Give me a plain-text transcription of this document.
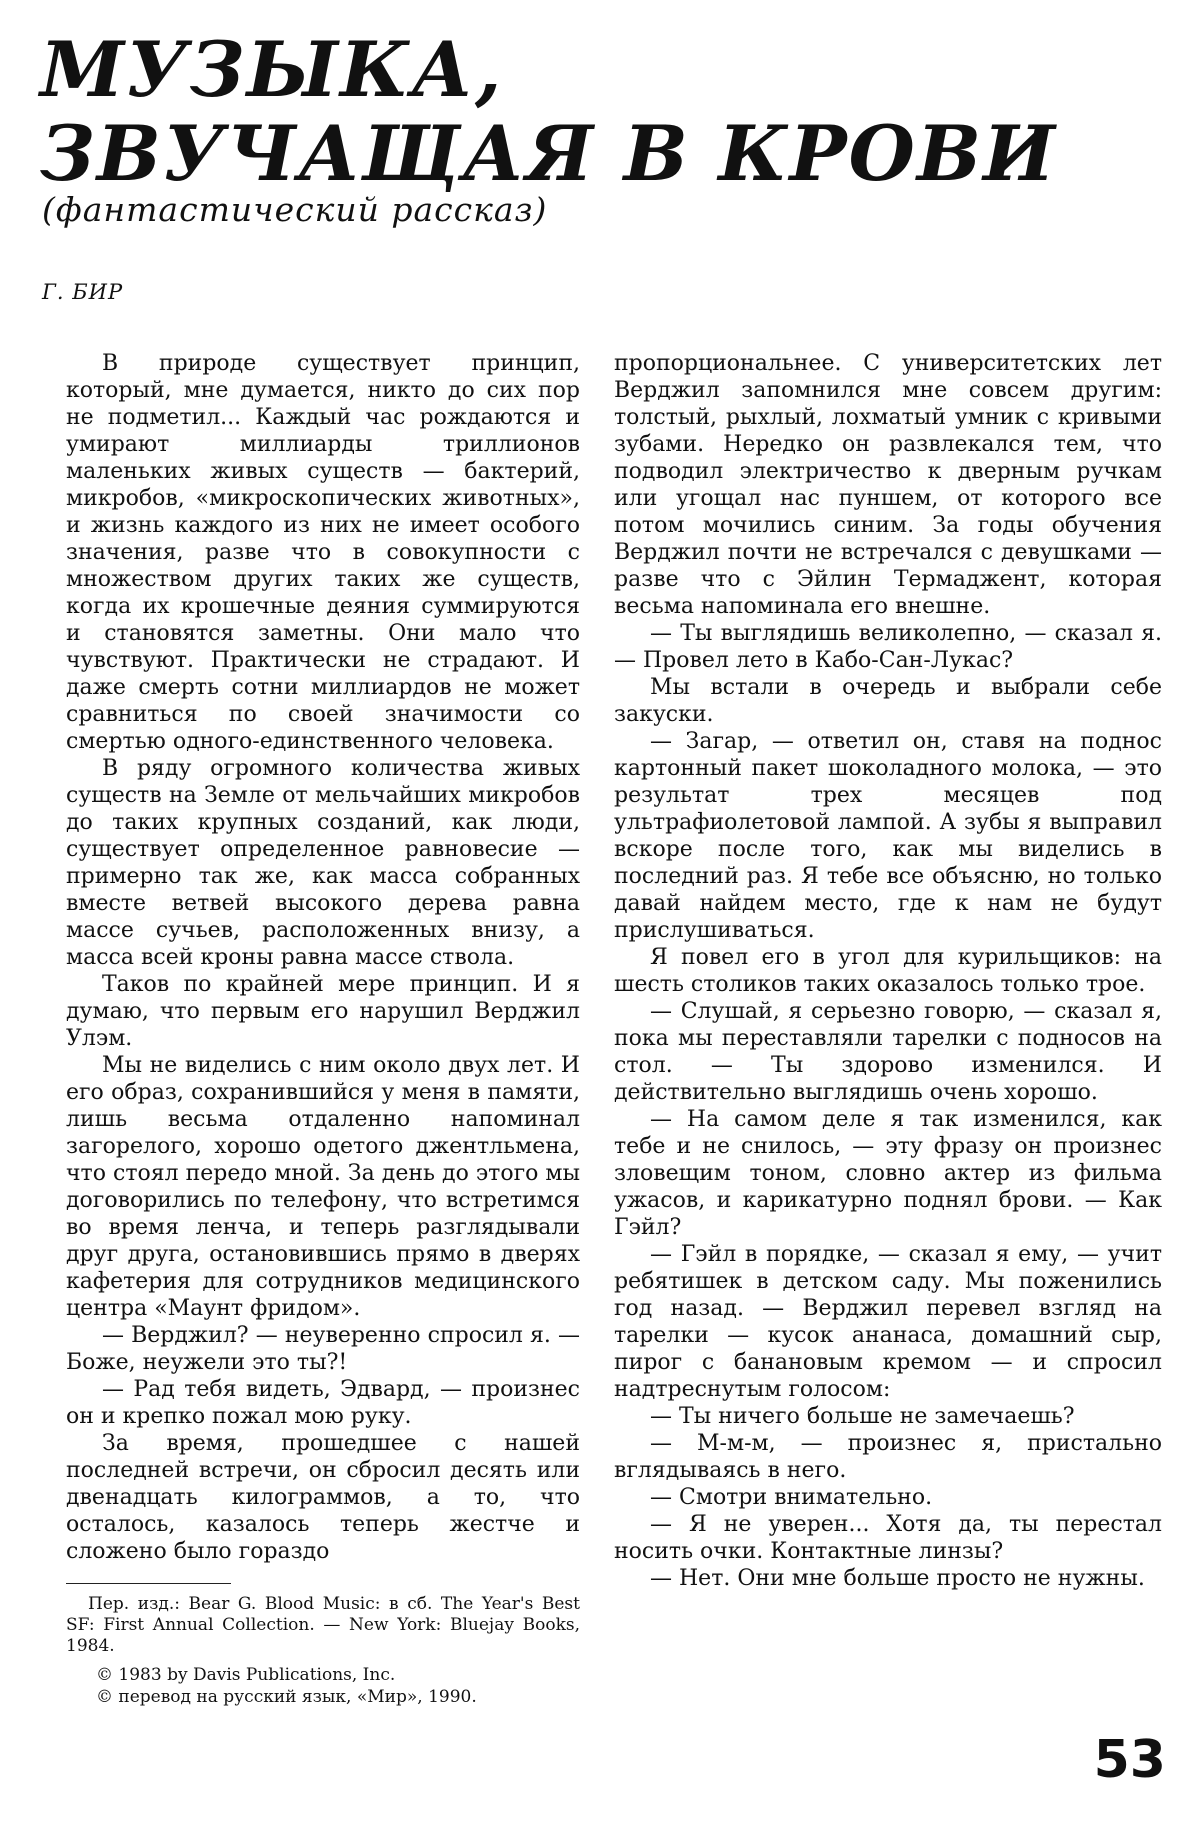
МУЗЫКА,
ЗВУЧАЩАЯ В КРОВИ
(фантастический рассказ)
Г. БИР

В природе существует принцип, который, мне думается, никто до сих пор не подметил... Каждый час рождаются и умирают миллиарды триллионов маленьких живых существ — бактерий, микробов, «микроскопических животных», и жизнь каждого из них не имеет особого значения, разве что в совокупности с множеством других таких же существ, когда их крошечные деяния суммируются и становятся заметны. Они мало что чувствуют. Практически не страдают. И даже смерть сотни миллиардов не может сравниться по своей значимости со смертью одного-единственного человека.

В ряду огромного количества живых существ на Земле от мельчайших микробов до таких крупных созданий, как люди, существует определенное равновесие — примерно так же, как масса собранных вместе ветвей высокого дерева равна массе сучьев, расположенных внизу, а масса всей кроны равна массе ствола.

Таков по крайней мере принцип. И я думаю, что первым его нарушил Верджил Улэм.

Мы не виделись с ним около двух лет. И его образ, сохранившийся у меня в памяти, лишь весьма отдаленно напоминал загорелого, хорошо одетого джентльмена, что стоял передо мной. За день до этого мы договорились по телефону, что встретимся во время ленча, и теперь разглядывали друг друга, остановившись прямо в дверях кафетерия для сотрудников медицинского центра «Маунт фридом».

— Верджил? — неуверенно спросил я. — Боже, неужели это ты?!

— Рад тебя видеть, Эдвард, — произнес он и крепко пожал мою руку.

За время, прошедшее с нашей последней встречи, он сбросил десять или двенадцать килограммов, а то, что осталось, казалось теперь жестче и сложено было гораздо

пропорциональнее. С университетских лет Верджил запомнился мне совсем другим: толстый, рыхлый, лохматый умник с кривыми зубами. Нередко он развлекался тем, что подводил электричество к дверным ручкам или угощал нас пуншем, от которого все потом мочились синим. За годы обучения Верджил почти не встречался с девушками — разве что с Эйлин Термаджент, которая весьма напоминала его внешне.

— Ты выглядишь великолепно, — сказал я. — Провел лето в Кабо-Сан-Лукас?

Мы встали в очередь и выбрали себе закуски.

— Загар, — ответил он, ставя на поднос картонный пакет шоколадного молока, — это результат трех месяцев под ультрафиолетовой лампой. А зубы я выправил вскоре после того, как мы виделись в последний раз. Я тебе все объясню, но только давай найдем место, где к нам не будут прислушиваться.

Я повел его в угол для курильщиков: на шесть столиков таких оказалось только трое.

— Слушай, я серьезно говорю, — сказал я, пока мы переставляли тарелки с подносов на стол. — Ты здорово изменился. И действительно выглядишь очень хорошо.

— На самом деле я так изменился, как тебе и не снилось, — эту фразу он произнес зловещим тоном, словно актер из фильма ужасов, и карикатурно поднял брови. — Как Гэйл?

— Гэйл в порядке, — сказал я ему, — учит ребятишек в детском саду. Мы поженились год назад. — Верджил перевел взгляд на тарелки — кусок ананаса, домашний сыр, пирог с банановым кремом — и спросил надтреснутым голосом:

— Ты ничего больше не замечаешь?

— М-м-м, — произнес я, пристально вглядываясь в него.

— Смотри внимательно.

— Я не уверен... Хотя да, ты перестал носить очки. Контактные линзы?

— Нет. Они мне больше просто не нужны.

Пер. изд.: Bear G. Blood Music: в сб. The Year's Best SF: First Annual Collection. — New York: Bluejay Books, 1984.

© 1983 by Davis Publications, Inc.
© перевод на русский язык, «Мир», 1990.
53
